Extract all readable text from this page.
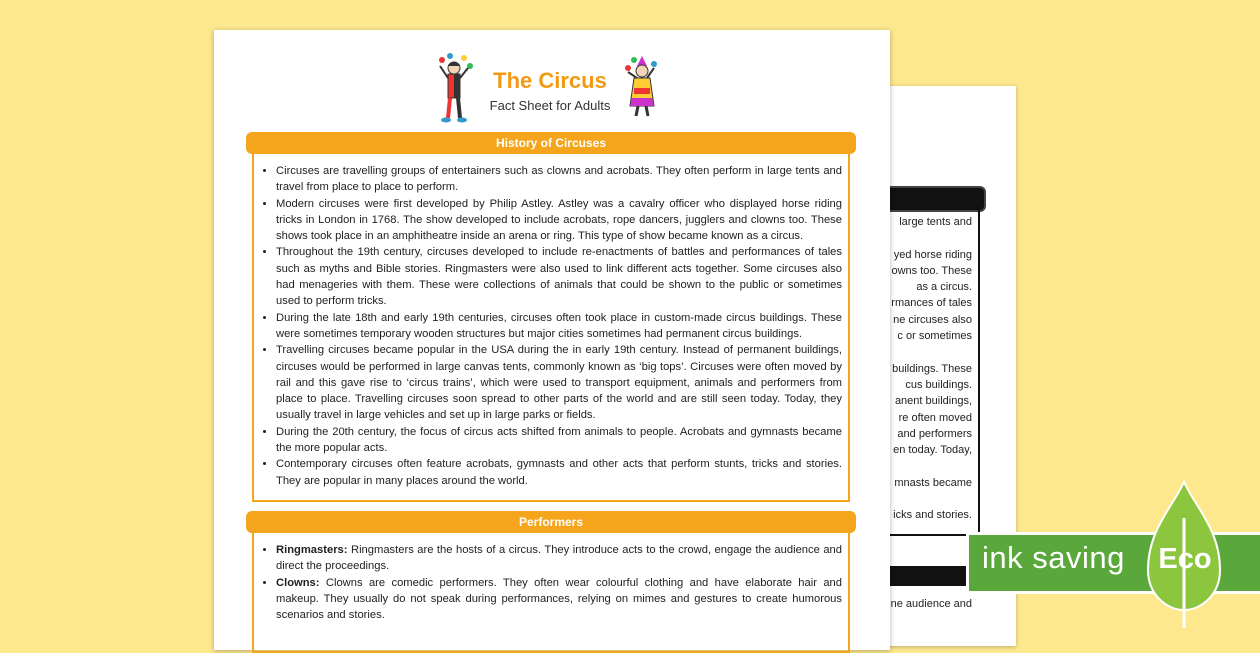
large tents and

yed horse riding
owns too. These
as a circus.
rmances of tales
ne circuses also
c or sometimes

buildings. These
cus buildings.
anent buildings,
re often moved
and performers
en today. Today,

mnasts became

icks and stories.
ne audience and
The Circus
Fact Sheet for Adults
History of Circuses
• Circuses are travelling groups of entertainers such as clowns and acrobats. They often perform in large tents and travel from place to place to perform.
• Modern circuses were first developed by Philip Astley. Astley was a cavalry officer who displayed horse riding tricks in London in 1768. The show developed to include acrobats, rope dancers, jugglers and clowns too. These shows took place in an amphitheatre inside an arena or ring. This type of show became known as a circus.
• Throughout the 19th century, circuses developed to include re-enactments of battles and performances of tales such as myths and Bible stories. Ringmasters were also used to link different acts together. Some circuses also had menageries with them. These were collections of animals that could be shown to the public or sometimes used to perform tricks.
• During the late 18th and early 19th centuries, circuses often took place in custom-made circus buildings. These were sometimes temporary wooden structures but major cities sometimes had permanent circus buildings.
• Travelling circuses became popular in the USA during the in early 19th century. Instead of permanent buildings, circuses would be performed in large canvas tents, commonly known as ‘big tops’. Circuses were often moved by rail and this gave rise to ‘circus trains’, which were used to transport equipment, animals and performers from place to place. Travelling circuses soon spread to other parts of the world and are still seen today. Today, they usually travel in large vehicles and set up in large parks or fields.
• During the 20th century, the focus of circus acts shifted from animals to people. Acrobats and gymnasts became the more popular acts.
• Contemporary circuses often feature acrobats, gymnasts and other acts that perform stunts, tricks and stories. They are popular in many places around the world.
Performers
• Ringmasters: Ringmasters are the hosts of a circus. They introduce acts to the crowd, engage the audience and direct the proceedings.
• Clowns: Clowns are comedic performers. They often wear colourful clothing and have elaborate hair and makeup. They usually do not speak during performances, relying on mimes and gestures to create humorous scenarios and stories.
ink saving Eco
